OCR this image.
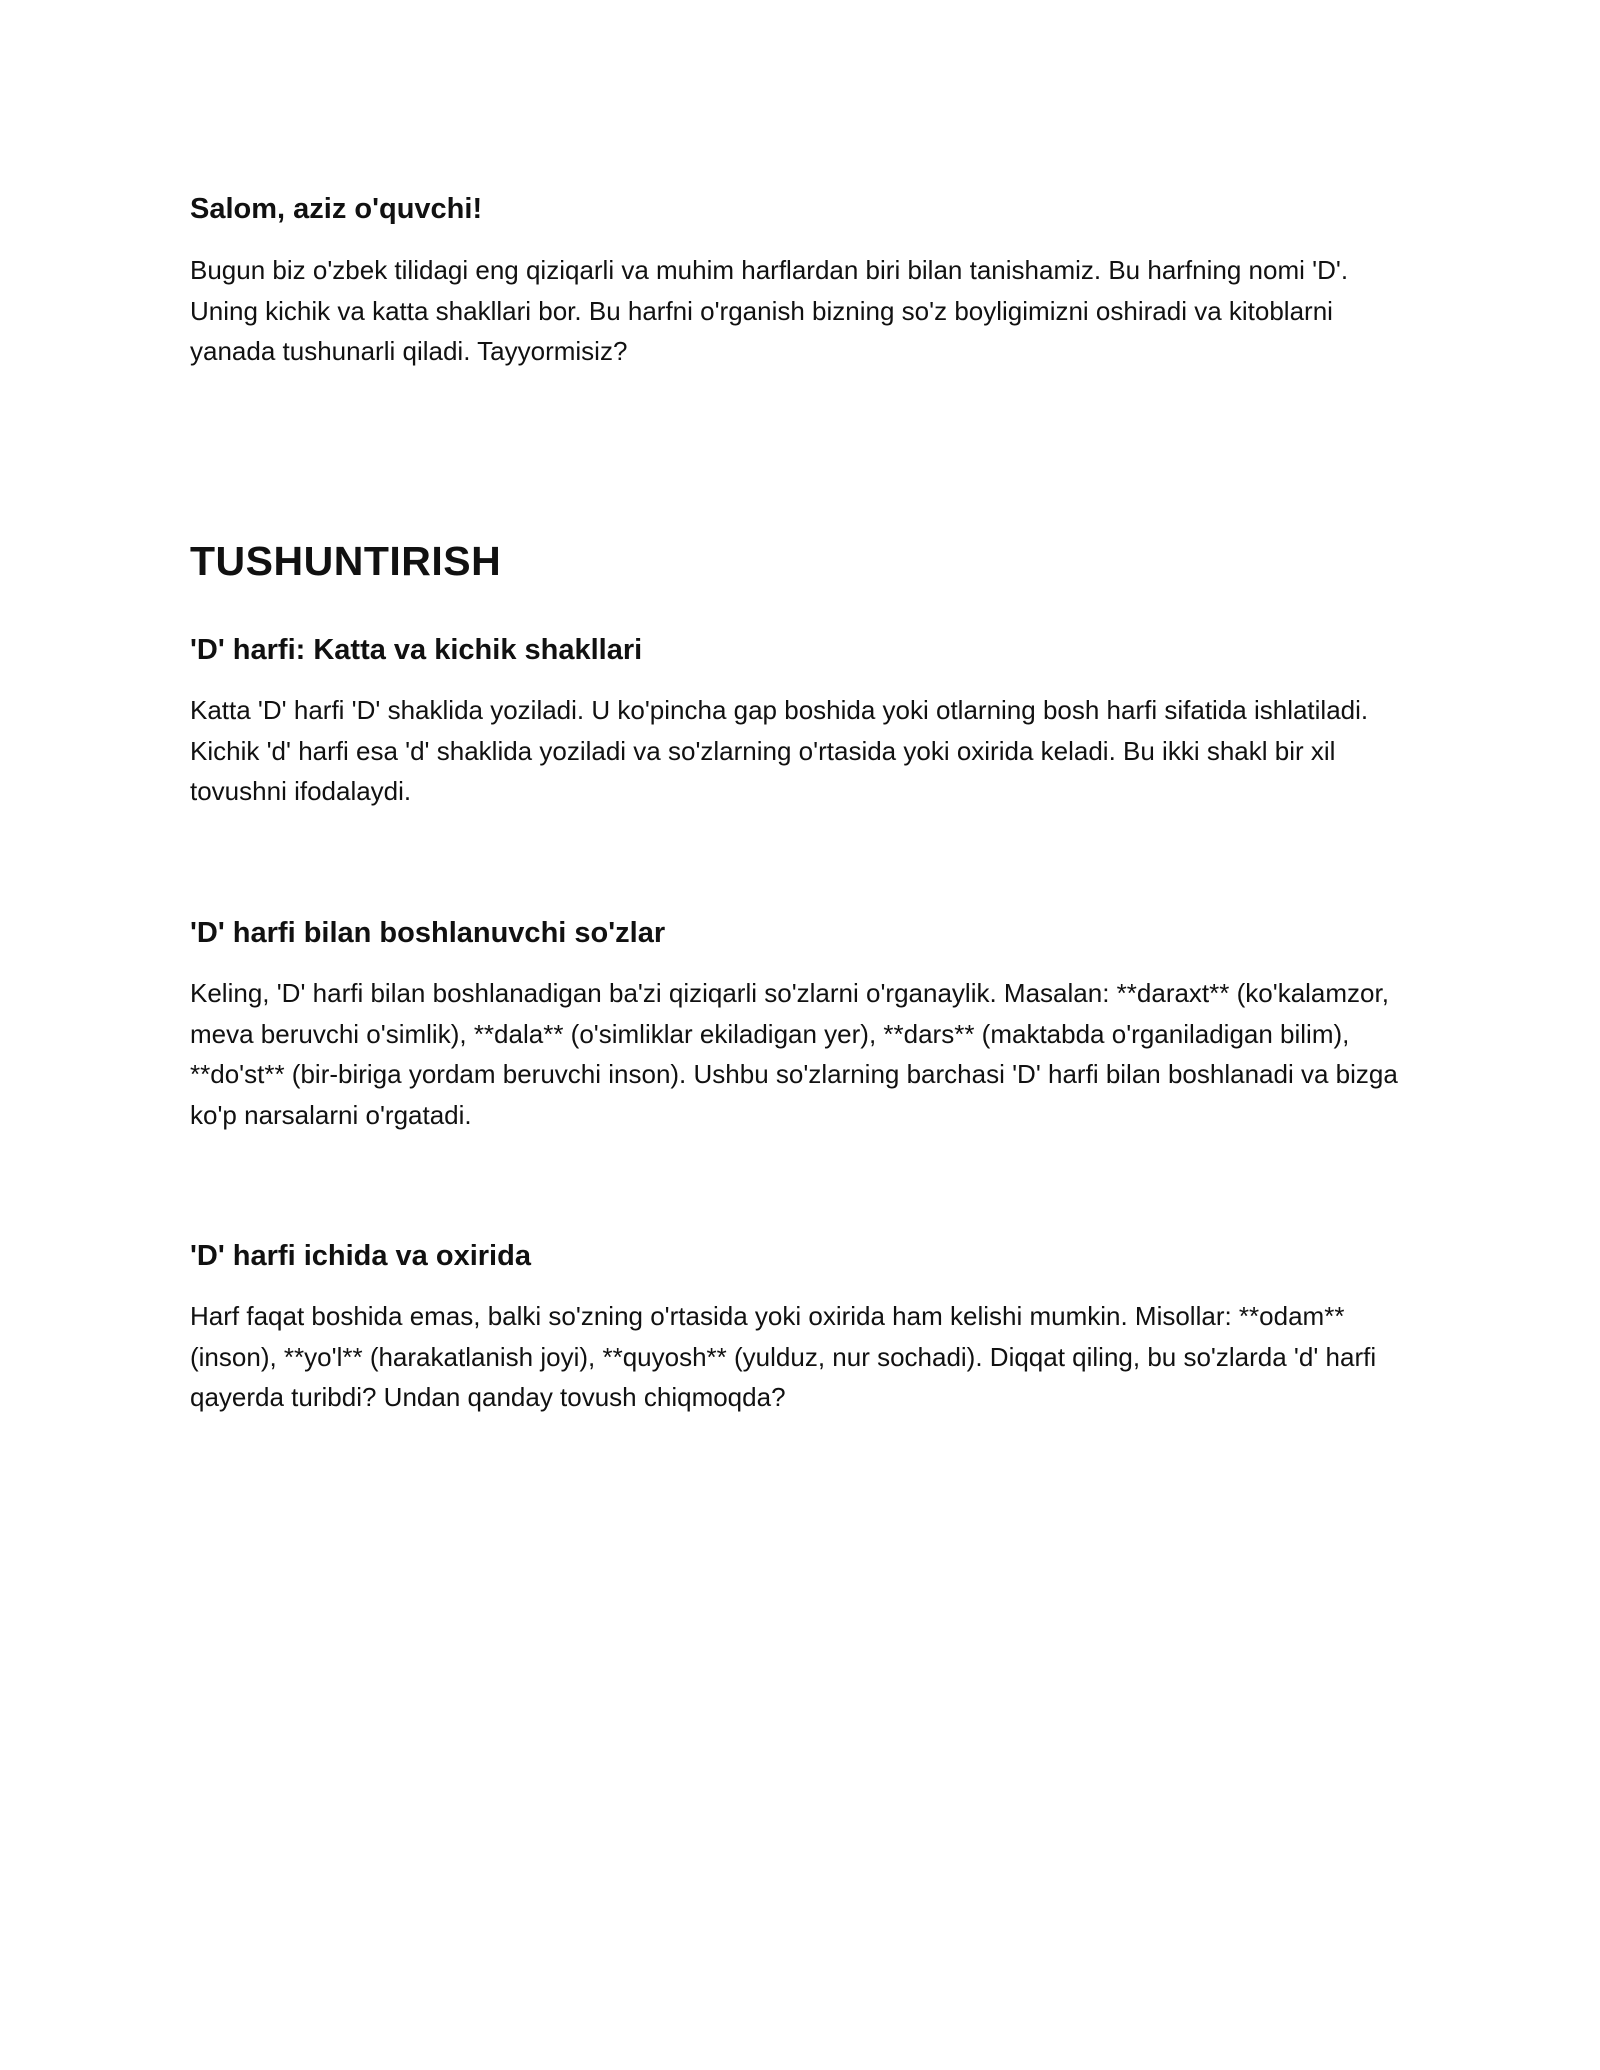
Salom, aziz o'quvchi!

Bugun biz o'zbek tilidagi eng qiziqarli va muhim harflardan biri bilan tanishamiz. Bu harfning nomi 'D'. Uning kichik va katta shakllari bor. Bu harfni o'rganish bizning so'z boyligimizni oshiradi va kitoblarni yanada tushunarli qiladi. Tayyormisiz?

TUSHUNTIRISH
'D' harfi: Katta va kichik shakllari

Katta 'D' harfi 'D' shaklida yoziladi. U ko'pincha gap boshida yoki otlarning bosh harfi sifatida ishlatiladi. Kichik 'd' harfi esa 'd' shaklida yoziladi va so'zlarning o'rtasida yoki oxirida keladi. Bu ikki shakl bir xil tovushni ifodalaydi.

'D' harfi bilan boshlanuvchi so'zlar

Keling, 'D' harfi bilan boshlanadigan ba'zi qiziqarli so'zlarni o'rganaylik. Masalan: **daraxt** (ko'kalamzor, meva beruvchi o'simlik), **dala** (o'simliklar ekiladigan yer), **dars** (maktabda o'rganiladigan bilim), **do'st** (bir-biriga yordam beruvchi inson). Ushbu so'zlarning barchasi 'D' harfi bilan boshlanadi va bizga ko'p narsalarni o'rgatadi.

'D' harfi ichida va oxirida

Harf faqat boshida emas, balki so'zning o'rtasida yoki oxirida ham kelishi mumkin. Misollar: **odam** (inson), **yo'l** (harakatlanish joyi), **quyosh** (yulduz, nur sochadi). Diqqat qiling, bu so'zlarda 'd' harfi qayerda turibdi? Undan qanday tovush chiqmoqda?
